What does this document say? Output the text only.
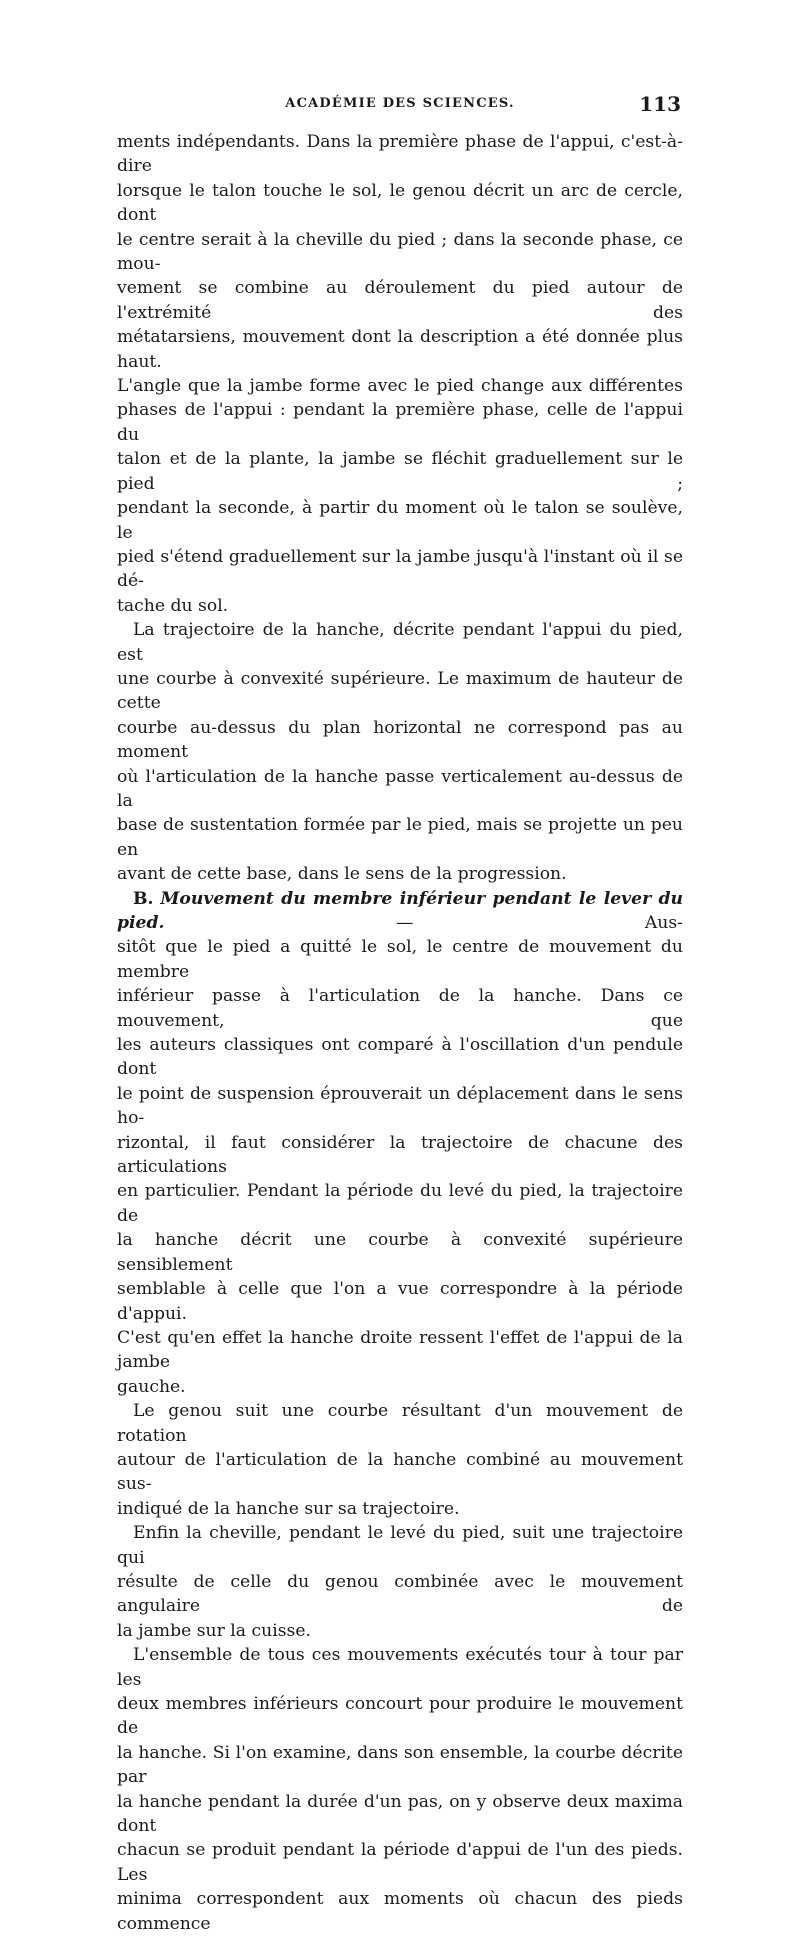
ACADÉMIE DES SCIENCES.	113

ments indépendants. Dans la première phase de l'appui, c'est-à-dire

lorsque le talon touche le sol, le genou décrit un arc de cercle, dont

le centre serait à la cheville du pied ; dans la seconde phase, ce mou-

vement se combine au déroulement du pied autour de l'extrémité des

métatarsiens, mouvement dont la description a été donnée plus haut.

L'angle que la jambe forme avec le pied change aux différentes

phases de l'appui : pendant la première phase, celle de l'appui du

talon et de la plante, la jambe se fléchit graduellement sur le pied ;

pendant la seconde, à partir du moment où le talon se soulève, le

pied s'étend graduellement sur la jambe jusqu'à l'instant où il se dé-

tache du sol.

La trajectoire de la hanche, décrite pendant l'appui du pied, est

une courbe à convexité supérieure. Le maximum de hauteur de cette

courbe au-dessus du plan horizontal ne correspond pas au moment

où l'articulation de la hanche passe verticalement au-dessus de la

base de sustentation formée par le pied, mais se projette un peu en

avant de cette base, dans le sens de la progression.

B. Mouvement du membre inférieur pendant le lever du pied.	— Aus-

sitôt que le pied a quitté le sol, le centre de mouvement du membre

inférieur passe à l'articulation de la hanche. Dans ce mouvement, que

les auteurs classiques ont comparé à l'oscillation d'un pendule dont

le point de suspension éprouverait un déplacement dans le sens ho-

rizontal, il faut considérer la trajectoire de chacune des articulations

en particulier. Pendant la période du levé du pied, la trajectoire de

la hanche décrit une courbe à convexité supérieure sensiblement

semblable à celle que l'on a vue correspondre à la période d'appui.

C'est qu'en effet la hanche droite ressent l'effet de l'appui de la jambe

gauche.

Le genou suit une courbe résultant d'un mouvement de rotation

autour de l'articulation de la hanche combiné au mouvement sus-

indiqué de la hanche sur sa trajectoire.

Enfin la cheville, pendant le levé du pied, suit une trajectoire qui

résulte de celle du genou combinée avec le mouvement angulaire de

la jambe sur la cuisse.

L'ensemble de tous ces mouvements exécutés tour à tour par les

deux membres inférieurs concourt pour produire le mouvement de

la hanche. Si l'on examine, dans son ensemble, la courbe décrite par

la hanche pendant la durée d'un pas, on y observe deux maxima dont

chacun se produit pendant la période d'appui de l'un des pieds. Les

minima correspondent aux moments où chacun des pieds commence
